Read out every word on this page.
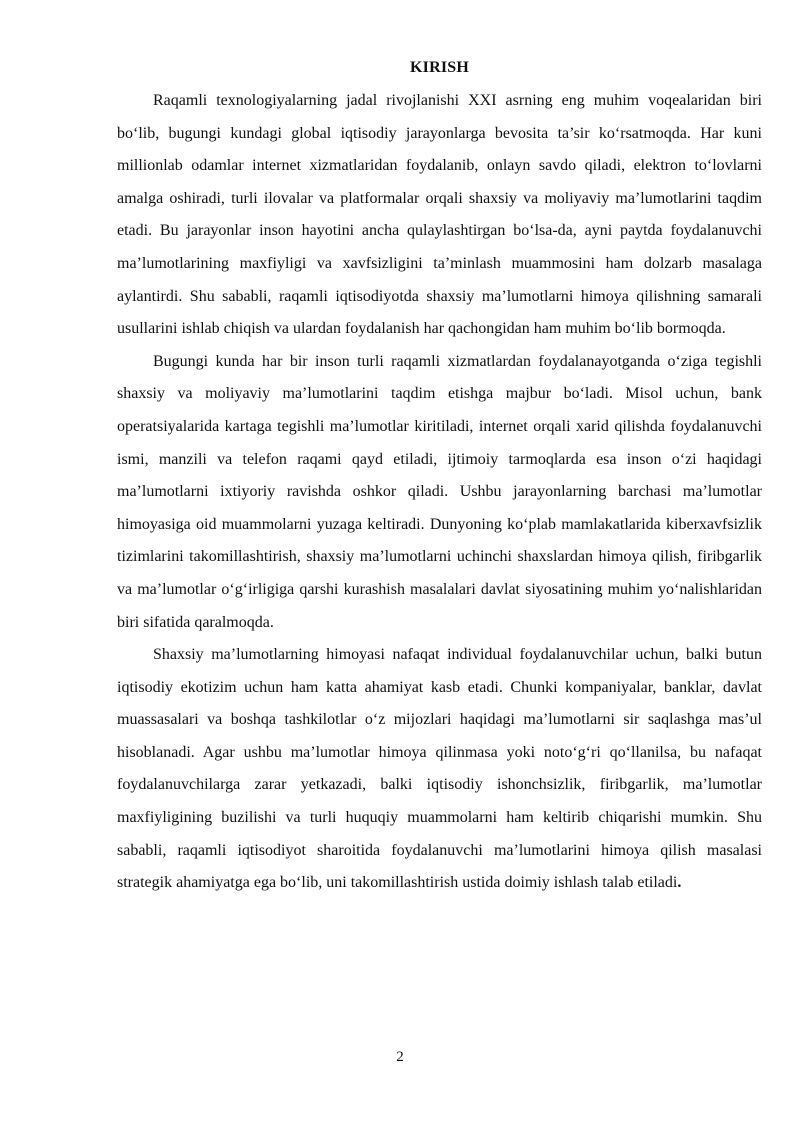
KIRISH

Raqamli texnologiyalarning jadal rivojlanishi XXI asrning eng muhim voqealaridan biri bo‘lib, bugungi kundagi global iqtisodiy jarayonlarga bevosita ta’sir ko‘rsatmoqda. Har kuni millionlab odamlar internet xizmatlaridan foydalanib, onlayn savdo qiladi, elektron to‘lovlarni amalga oshiradi, turli ilovalar va platformalar orqali shaxsiy va moliyaviy ma’lumotlarini taqdim etadi. Bu jarayonlar inson hayotini ancha qulaylashtirgan bo‘lsa-da, ayni paytda foydalanuvchi ma’lumotlarining maxfiyligi va xavfsizligini ta’minlash muammosini ham dolzarb masalaga aylantirdi. Shu sababli, raqamli iqtisodiyotda shaxsiy ma’lumotlarni himoya qilishning samarali usullarini ishlab chiqish va ulardan foydalanish har qachongidan ham muhim bo‘lib bormoqda.

Bugungi kunda har bir inson turli raqamli xizmatlardan foydalanayotganda o‘ziga tegishli shaxsiy va moliyaviy ma’lumotlarini taqdim etishga majbur bo‘ladi. Misol uchun, bank operatsiyalarida kartaga tegishli ma’lumotlar kiritiladi, internet orqali xarid qilishda foydalanuvchi ismi, manzili va telefon raqami qayd etiladi, ijtimoiy tarmoqlarda esa inson o‘zi haqidagi ma’lumotlarni ixtiyoriy ravishda oshkor qiladi. Ushbu jarayonlarning barchasi ma’lumotlar himoyasiga oid muammolarni yuzaga keltiradi. Dunyoning ko‘plab mamlakatlarida kiberxavfsizlik tizimlarini takomillashtirish, shaxsiy ma’lumotlarni uchinchi shaxslardan himoya qilish, firibgarlik va ma’lumotlar o‘g‘irligiga qarshi kurashish masalalari davlat siyosatining muhim yo‘nalishlaridan biri sifatida qaralmoqda.

Shaxsiy ma’lumotlarning himoyasi nafaqat individual foydalanuvchilar uchun, balki butun iqtisodiy ekotizim uchun ham katta ahamiyat kasb etadi. Chunki kompaniyalar, banklar, davlat muassasalari va boshqa tashkilotlar o‘z mijozlari haqidagi ma’lumotlarni sir saqlashga mas’ul hisoblanadi. Agar ushbu ma’lumotlar himoya qilinmasa yoki noto‘g‘ri qo‘llanilsa, bu nafaqat foydalanuvchilarga zarar yetkazadi, balki iqtisodiy ishonchsizlik, firibgarlik, ma’lumotlar maxfiyligining buzilishi va turli huquqiy muammolarni ham keltirib chiqarishi mumkin. Shu sababli, raqamli iqtisodiyot sharoitida foydalanuvchi ma’lumotlarini himoya qilish masalasi strategik ahamiyatga ega bo‘lib, uni takomillashtirish ustida doimiy ishlash talab etiladi.

2
